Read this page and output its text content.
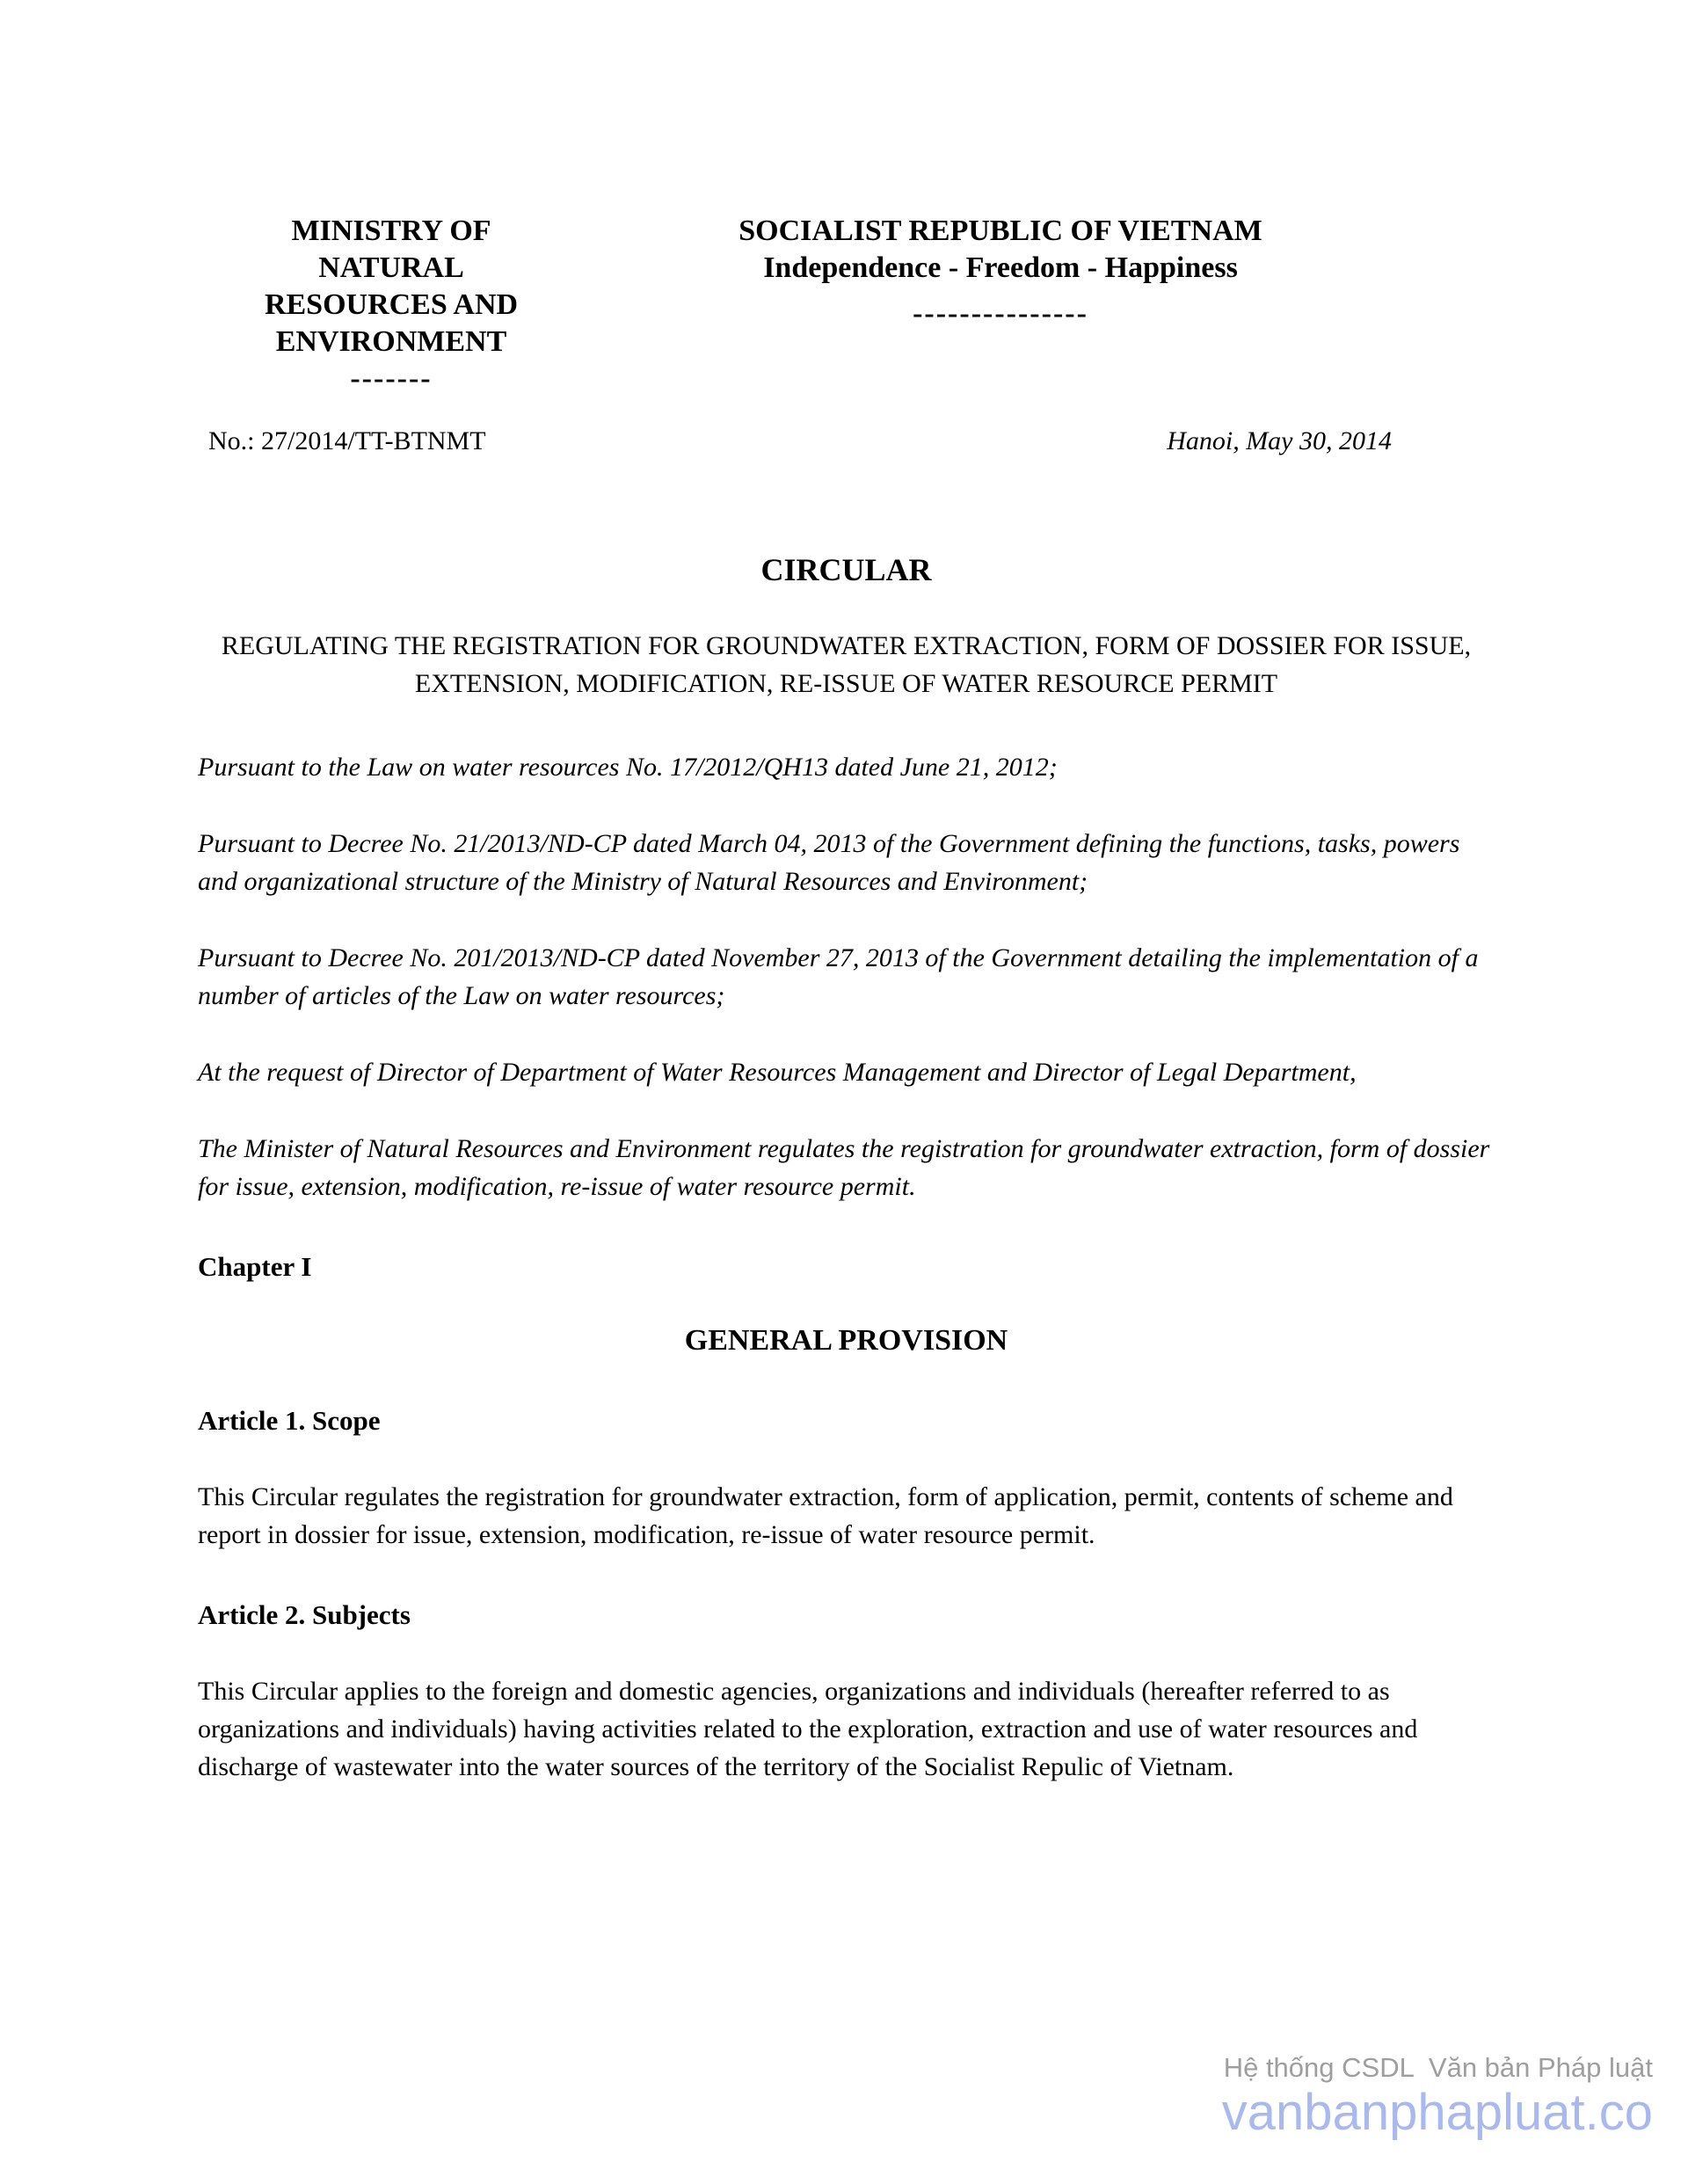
MINISTRY OF
NATURAL
RESOURCES AND
ENVIRONMENT
-------
SOCIALIST REPUBLIC OF VIETNAM
Independence - Freedom - Happiness
---------------
No.: 27/2014/TT-BTNMT	Hanoi, May 30, 2014
CIRCULAR
REGULATING THE REGISTRATION FOR GROUNDWATER EXTRACTION, FORM OF DOSSIER FOR ISSUE, EXTENSION, MODIFICATION, RE-ISSUE OF WATER RESOURCE PERMIT

Pursuant to the Law on water resources No. 17/2012/QH13 dated June 21, 2012;

Pursuant to Decree No. 21/2013/ND-CP dated March 04, 2013 of the Government defining the functions, tasks, powers and organizational structure of the Ministry of Natural Resources and Environment;

Pursuant to Decree No. 201/2013/ND-CP dated November 27, 2013 of the Government detailing the implementation of a number of articles of the Law on water resources;

At the request of Director of Department of Water Resources Management and Director of Legal Department,

The Minister of Natural Resources and Environment regulates the registration for groundwater extraction, form of dossier for issue, extension, modification, re-issue of water resource permit.

Chapter I
GENERAL PROVISION
Article 1. Scope
This Circular regulates the registration for groundwater extraction, form of application, permit, contents of scheme and report in dossier for issue, extension, modification, re-issue of water resource permit.
Article 2. Subjects
This Circular applies to the foreign and domestic agencies, organizations and individuals (hereafter referred to as organizations and individuals) having activities related to the exploration, extraction and use of water resources and discharge of wastewater into the water sources of the territory of the Socialist Repulic of Vietnam.
Hệ thống CSDL  Văn bản Pháp luật
vanbanphapluat.co
